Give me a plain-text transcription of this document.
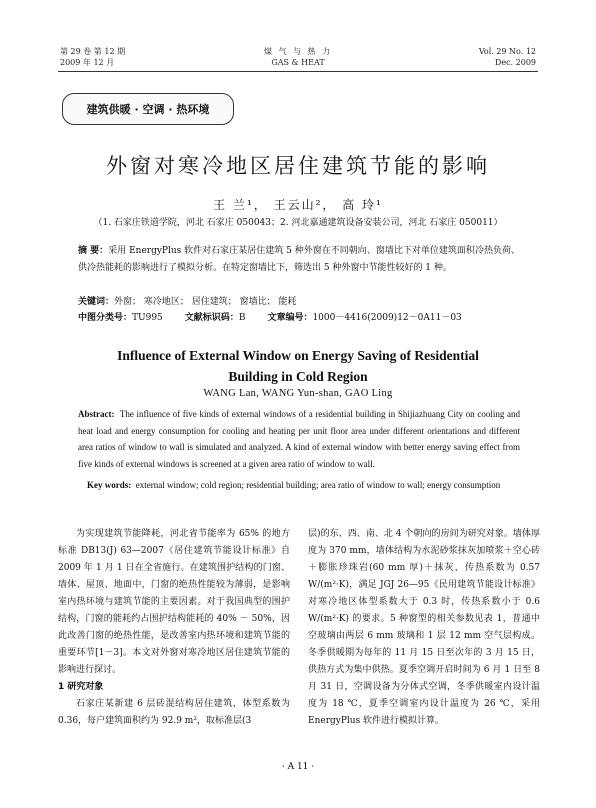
第 29 卷 第 12 期
2009 年 12 月
煤 气 与 热 力
GAS & HEAT
Vol. 29 No. 12
Dec. 2009
建筑供暖 · 空调 · 热环境
外窗对寒冷地区居住建筑节能的影响
王 兰¹， 王云山²， 高 玲¹
（1. 石家庄铁道学院，河北 石家庄 050043；2. 河北嘉通建筑设备安装公司，河北 石家庄 050011）
摘 要：采用 EnergyPlus 软件对石家庄某居住建筑 5 种外窗在不同朝向、窗墙比下对单位建筑面积冷热负荷、供冷热能耗的影响进行了模拟分析。在特定窗墙比下，筛选出 5 种外窗中节能性较好的 1 种。
关键词：外窗； 寒冷地区； 居住建筑； 窗墙比； 能耗
中图分类号：TU995 文献标识码：B 文章编号：1000－4416(2009)12－0A11－03
Influence of External Window on Energy Saving of Residential
Building in Cold Region
WANG Lan, WANG Yun-shan, GAO Ling
Abstract: The influence of five kinds of external windows of a residential building in Shijiazhuang City on cooling and heat load and energy consumption for cooling and heating per unit floor area under different orientations and different area ratios of window to wall is simulated and analyzed. A kind of external window with better energy saving effect from five kinds of external windows is screened at a given area ratio of window to wall.
Key words: external window; cold region; residential building; area ratio of window to wall; energy consumption

为实现建筑节能降耗，河北省节能率为 65% 的地方标准 DB13(J) 63—2007《居住建筑节能设计标准》自 2009 年 1 月 1 日在全省施行。在建筑围护结构的门窗、墙体、屋顶、地面中，门窗的绝热性能较为薄弱，是影响室内热环境与建筑节能的主要因素。对于我国典型的围护结构，门窗的能耗约占围护结构能耗的 40% － 50%，因此改善门窗的绝热性能，是改善室内热环境和建筑节能的重要环节[1－3]。本文对外窗对寒冷地区居住建筑节能的影响进行探讨。

1 研究对象

石家庄某新建 6 层砖混结构居住建筑，体型系数为 0.36，每户建筑面积约为 92.9 m²，取标准层(3

层)的东、西、南、北 4 个朝向的房间为研究对象。墙体厚度为 370 mm，墙体结构为水泥砂浆抹灰加喷浆＋空心砖＋膨胀珍珠岩(60 mm 厚)＋抹灰，传热系数为 0.57 W/(m²·K)，满足 JGJ 26—95《民用建筑节能设计标准》对寒冷地区体型系数大于 0.3 时，传热系数小于 0.6 W/(m²·K) 的要求。5 种窗型的相关参数见表 1，普通中空玻璃由两层 6 mm 玻璃和 1 层 12 mm 空气层构成。冬季供暖期为每年的 11 月 15 日至次年的 3 月 15 日，供热方式为集中供热。夏季空调开启时间为 6 月 1 日至 8 月 31 日，空调设备为分体式空调，冬季供暖室内设计温度为 18 ℃，夏季空调室内设计温度为 26 ℃，采用 EnergyPlus 软件进行模拟计算。

· A 11 ·
